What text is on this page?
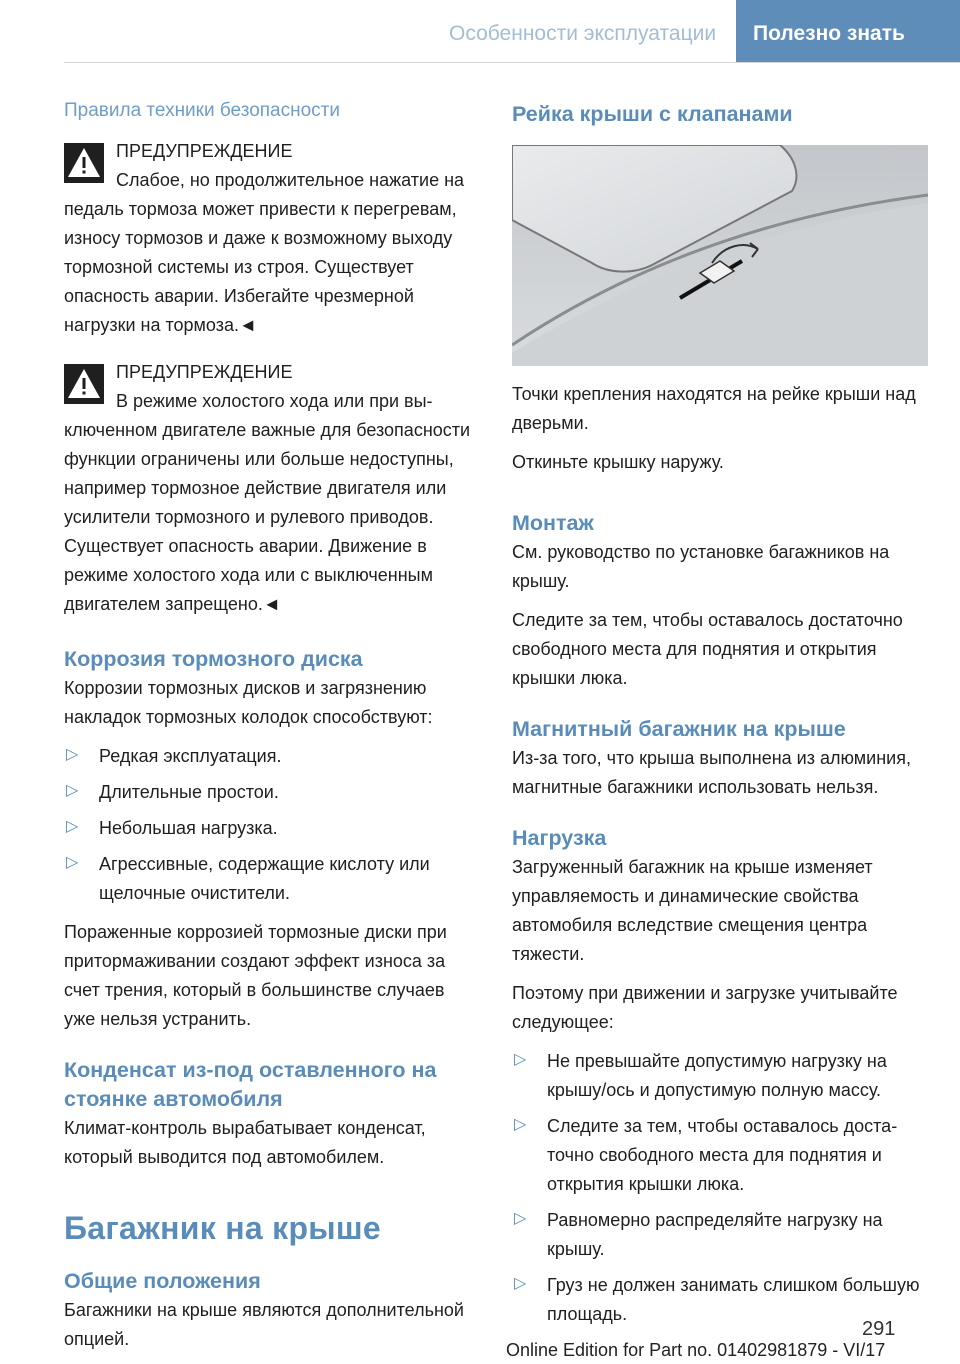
Особенности эксплуатации	Полезно знать
Правила техники безопасности
ПРЕДУПРЕЖДЕНИЕ
Слабое, но продолжительное нажатие на педаль тормоза может привести к перегревам, износу тормозов и даже к возможному выходу тормозной системы из строя. Существует опасность аварии. Избегайте чрезмерной нагрузки на тормоза.◄
ПРЕДУПРЕЖДЕНИЕ
В режиме холостого хода или при выключенном двигателе важные для безопасности функции ограничены или больше недоступны, например тормозное действие двигателя или усилители тормозного и рулевого приводов. Существует опасность аварии. Движение в режиме холостого хода или с выключенным двигателем запрещено.◄
Коррозия тормозного диска

Коррозии тормозных дисков и загрязнению накладок тормозных колодок способствуют:

▷ Редкая эксплуатация.
▷ Длительные простои.
▷ Небольшая нагрузка.
▷ Агрессивные, содержащие кислоту или щелочные очистители.

Пораженные коррозией тормозные диски при притормаживании создают эффект износа за счет трения, который в большинстве случаев уже нельзя устранить.

Конденсат из-под оставленного на стоянке автомобиля

Климат-контроль вырабатывает конденсат, который выводится под автомобилем.

Багажник на крыше
Общие положения

Багажники на крыше являются дополнительной опцией.

Рейка крыши с клапанами

Точки крепления находятся на рейке крыши над дверьми.

Откиньте крышку наружу.

Монтаж

См. руководство по установке багажников на крышу.

Следите за тем, чтобы оставалось достаточно свободного места для поднятия и открытия крышки люка.

Магнитный багажник на крыше

Из-за того, что крыша выполнена из алюминия, магнитные багажники использовать нельзя.

Нагрузка

Загруженный багажник на крыше изменяет управляемость и динамические свойства автомобиля вследствие смещения центра тяжести.

Поэтому при движении и загрузке учитывайте следующее:

▷ Не превышайте допустимую нагрузку на крышу/ось и допустимую полную массу.
▷ Следите за тем, чтобы оставалось достаточно свободного места для поднятия и открытия крышки люка.
▷ Равномерно распределяйте нагрузку на крышу.
▷ Груз не должен занимать слишком большую площадь.
291
Online Edition for Part no. 01402981879 - VI/17
